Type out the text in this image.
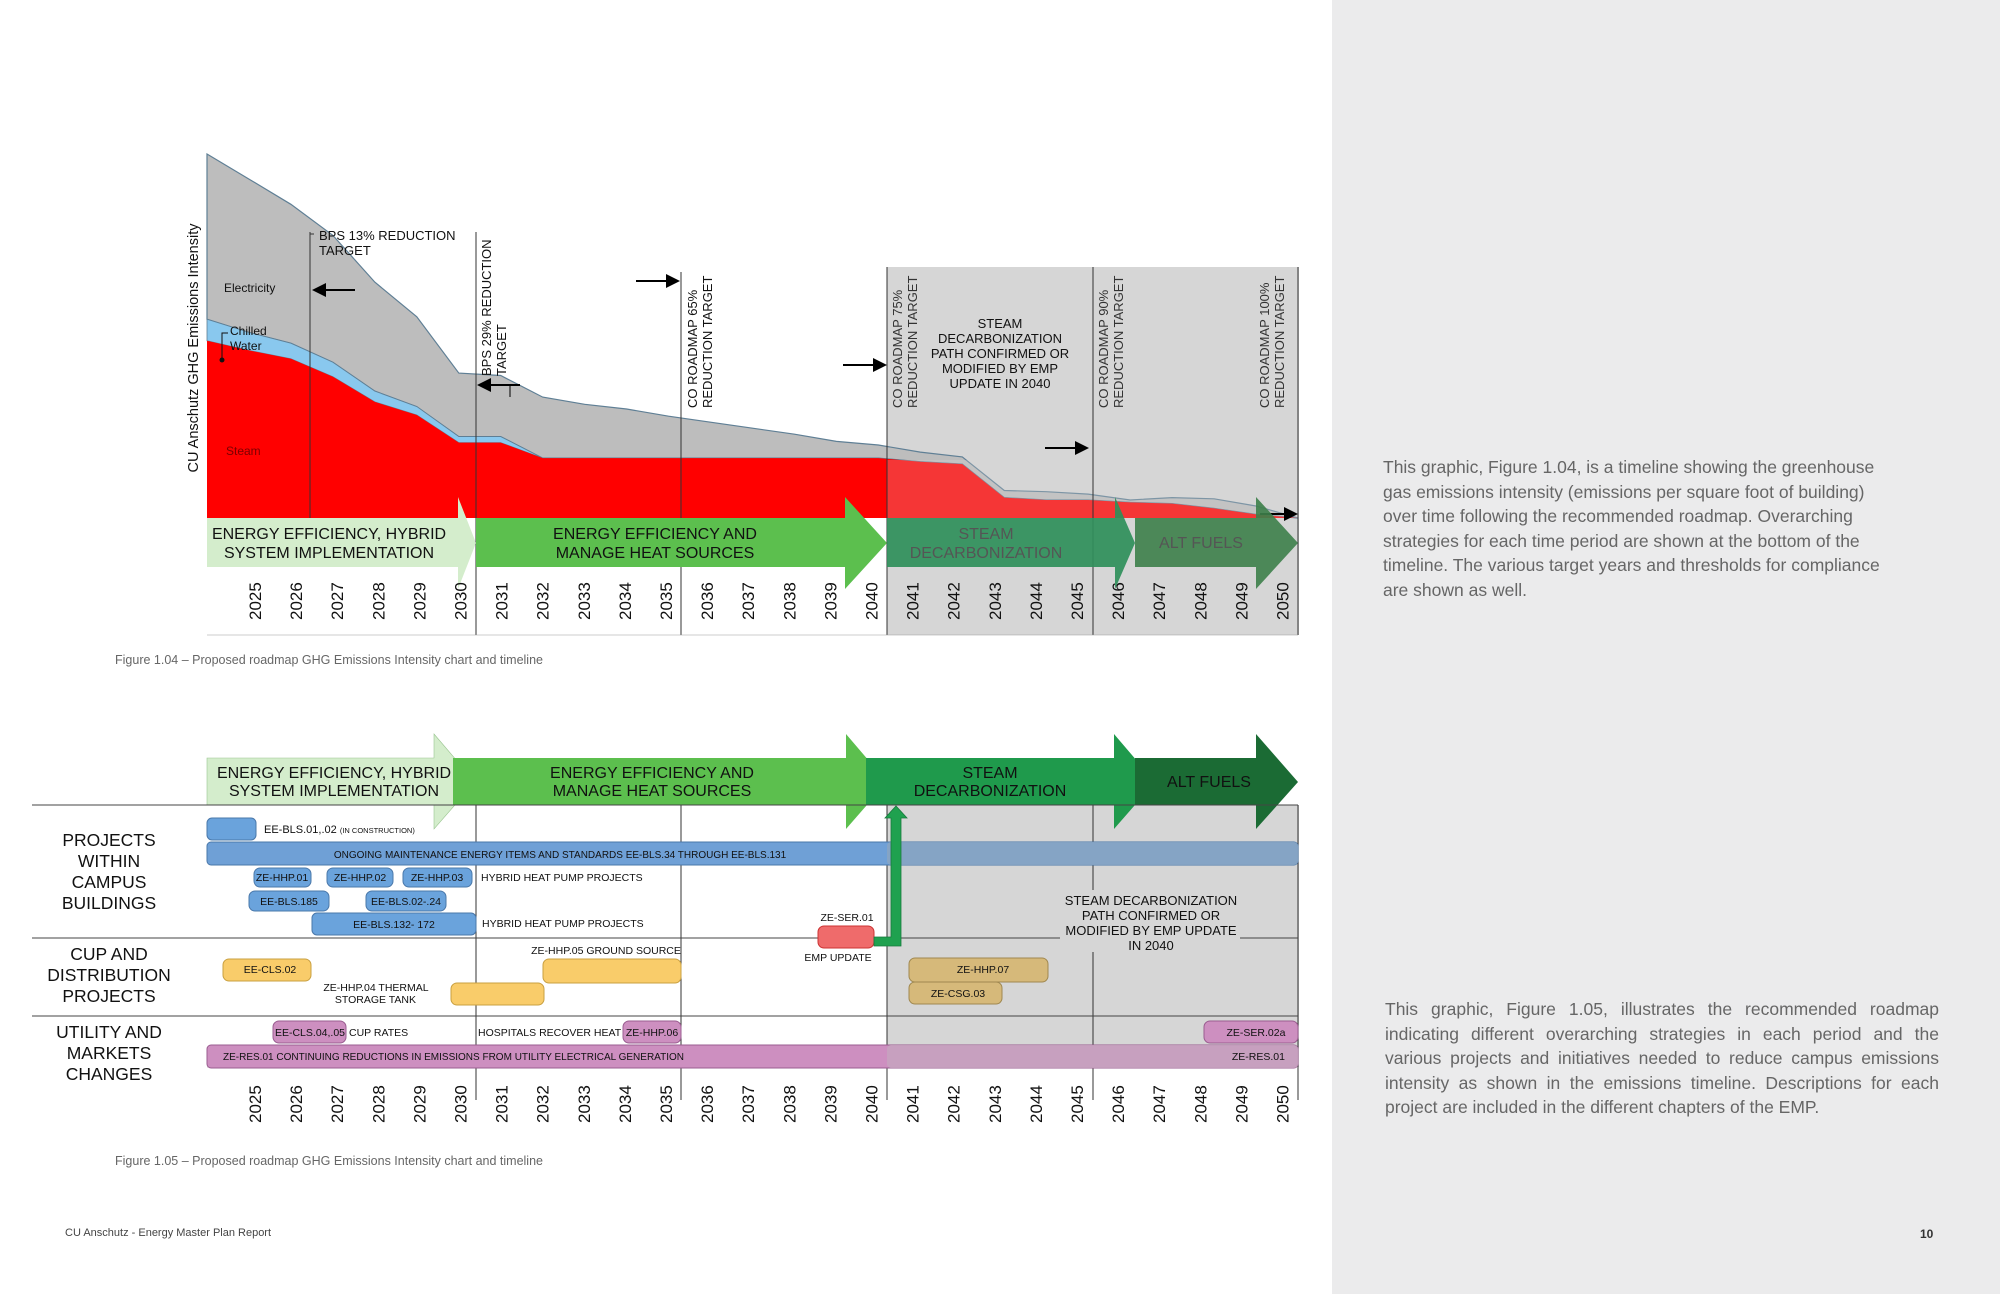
CU Anschutz GHG Emissions Intensity Electricity
Chilled
Water
Steam
BPS 13% REDUCTION
TARGET	BPS 29% REDUCTION TARGET	CO ROADMAP 65% REDUCTION TARGET	CO ROADMAP 75% REDUCTION TARGET	CO ROADMAP 90% REDUCTION TARGET	CO ROADMAP 100% REDUCTION TARGET
STEAM
DECARBONIZATION
PATH CONFIRMED OR
MODIFIED BY EMP
UPDATE IN 2040
ENERGY EFFICIENCY, HYBRID
SYSTEM IMPLEMENTATION
ENERGY EFFICIENCY AND
MANAGE HEAT SOURCES
STEAM
DECARBONIZATION
ALT FUELS
2025 2026 2027 2028 2029 2030 2031 2032 2033 2034 2035 2036 2037 2038 2039 2040 2041 2042 2043 2044 2045 2046 2047 2048 2049 2050
ENERGY EFFICIENCY, HYBRID
SYSTEM IMPLEMENTATION
ENERGY EFFICIENCY AND
MANAGE HEAT SOURCES
STEAM
DECARBONIZATION
ALT FUELS
PROJECTS
WITHIN
CAMPUS
BUILDINGS
CUP AND
DISTRIBUTION
PROJECTS
UTILITY AND
MARKETS
CHANGES
EE-BLS.01,.02 (IN CONSTRUCTION)
ONGOING MAINTENANCE ENERGY ITEMS AND STANDARDS EE-BLS.34 THROUGH EE-BLS.131
ZE-HHP.01 ZE-HHP.02 ZE-HHP.03 HYBRID HEAT PUMP PROJECTS
EE-BLS.185	EE-BLS.02-.24
EE-BLS.132- 172	HYBRID HEAT PUMP PROJECTS	ZE-SER.01
EMP UPDATE
STEAM DECARBONIZATION
PATH CONFIRMED OR
MODIFIED BY EMP UPDATE
IN 2040
ZE-HHP.05 GROUND SOURCE
EE-CLS.02
ZE-HHP.04 THERMAL
STORAGE TANK
ZE-HHP.07
ZE-CSG.03
EE-CLS.04,.05 CUP RATES	HOSPITALS RECOVER HEAT ZE-HHP.06	ZE-SER.02a
ZE-RES.01 CONTINUING REDUCTIONS IN EMISSIONS FROM UTILITY ELECTRICAL GENERATION	ZE-RES.01
2025 2026 2027 2028 2029 2030 2031 2032 2033 2034 2035 2036 2037 2038 2039 2040 2041 2042 2043 2044 2045 2046 2047 2048 2049 2050
Figure 1.04 – Proposed roadmap GHG Emissions Intensity chart and timeline
Figure 1.05 – Proposed roadmap GHG Emissions Intensity chart and timeline
This graphic, Figure 1.04, is a timeline showing the greenhouse gas emissions intensity (emissions per square foot of building) over time following the recommended roadmap. Overarching strategies for each time period are shown at the bottom of the timeline. The various target years and thresholds for compliance are shown as well.
This graphic, Figure 1.05, illustrates the recommended roadmap indicating different overarching strategies in each period and the various projects and initiatives needed to reduce campus emissions intensity as shown in the emissions timeline. Descriptions for each project are included in the different chapters of the EMP.
CU Anschutz - Energy Master Plan Report	10
